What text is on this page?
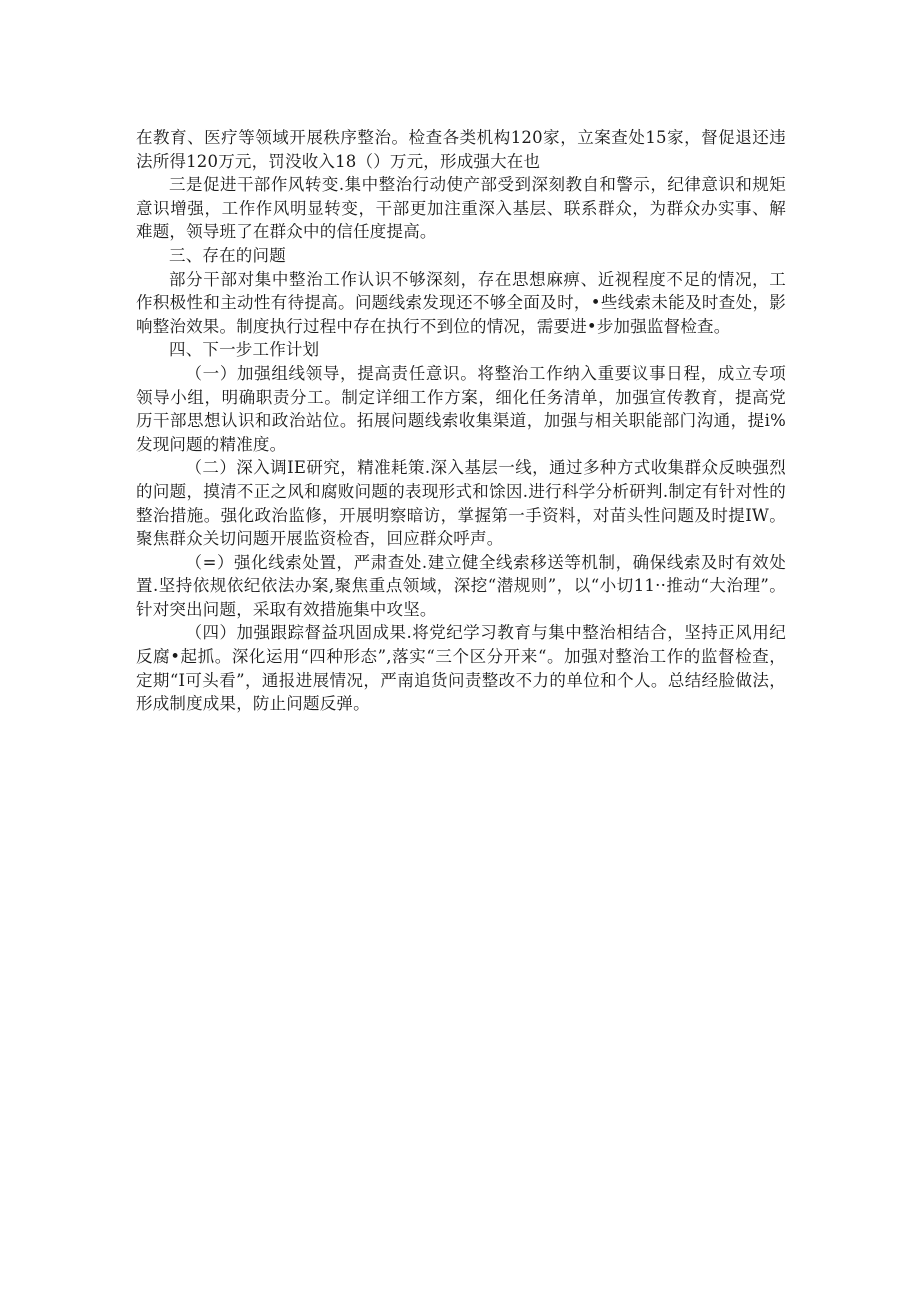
在教育、医疗等领域开展秩序整治。检查各类机构120家，立案查处15家，督促退还违法所得120万元，罚没收入18（）万元，形成强大在也

三是促进干部作风转变.集中整治行动使产部受到深刻教自和警示，纪律意识和规矩意识增强，工作作风明显转变，干部更加注重深入基层、联系群众，为群众办实事、解难题，领导班了在群众中的信任度提高。

三、存在的问题

部分干部对集中整治工作认识不够深刻，存在思想麻痹、近视程度不足的情况，工作积极性和主动性有待提高。问题线索发现还不够全面及时，•些线索未能及时查处，影响整治效果。制度执行过程中存在执行不到位的情况，需要进•步加强监督检查。

四、下一步工作计划

（一）加强组线领导，提高责任意识。将整治工作纳入重要议事日程，成立专项领导小组，明确职责分工。制定详细工作方案，细化任务清单，加强宣传教育，提高党历干部思想认识和政治站位。拓展问题线索收集渠道，加强与相关职能部门沟通，提i%发现问题的精准度。

（二）深入调IE研究，精准耗策.深入基层一线，通过多种方式收集群众反映强烈的问题，摸清不正之风和腐败问题的表现形式和馀因.进行科学分析研判.制定有针对性的整治措施。强化政治监修，开展明察暗访，掌握第一手资料，对苗头性问题及时提IW。聚焦群众关切问题开展监资检杳，回应群众呼声。

（=）强化线索处置，严肃查处.建立健全线索移送等机制，确保线索及时有效处置.坚持依规依纪依法办案,聚焦重点领域，深挖“潜规则”，以“小切11··推动“大治理”。针对突出问题，采取有效措施集中攻坚。

（四）加强跟踪督益巩固成果.将党纪学习教育与集中整治相结合，坚持正风用纪反腐•起抓。深化运用“四种形态”,落实“三个区分开来“。加强对整治工作的监督检查，定期“I可头看”，通报进展情况，严南追货问责整改不力的单位和个人。总结经脸做法，形成制度成果，防止问题反弹。
